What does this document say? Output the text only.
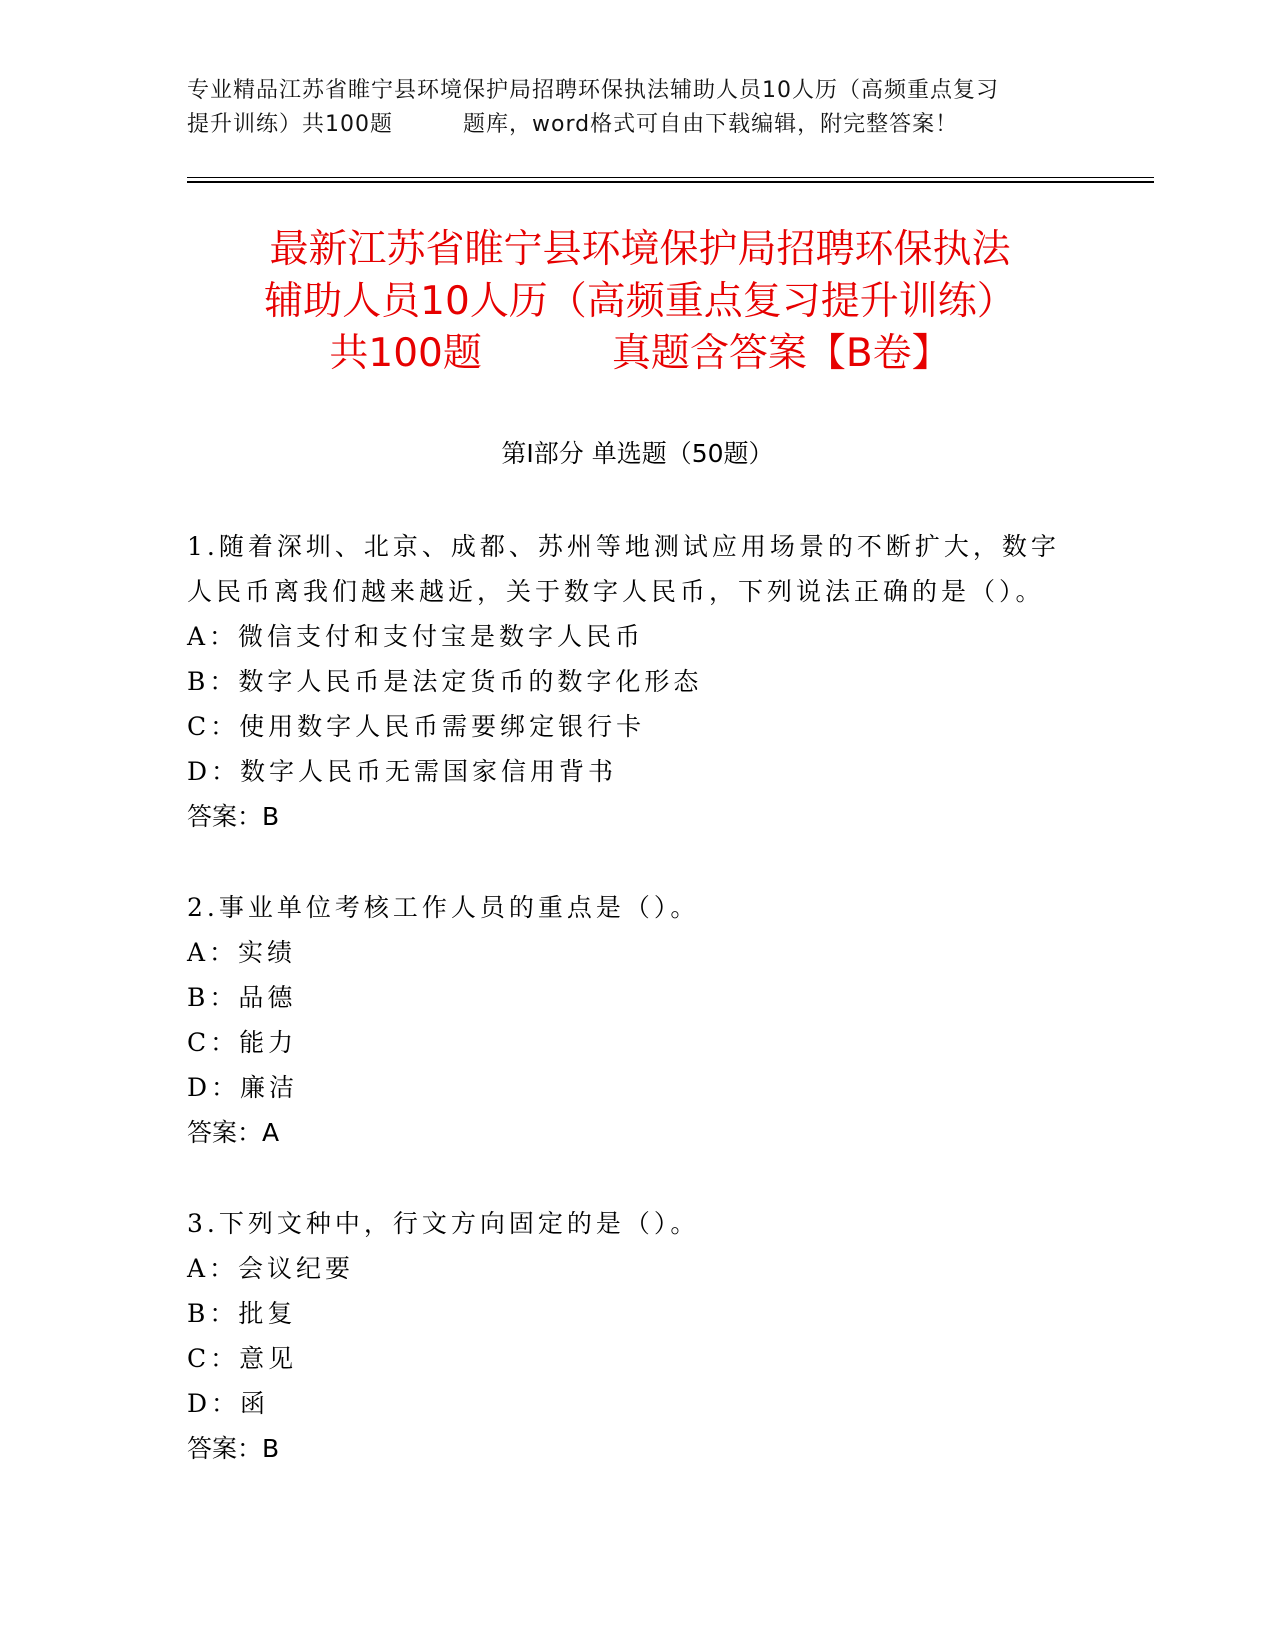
专业精品江苏省睢宁县环境保护局招聘环保执法辅助人员10人历（高频重点复习
提升训练）共100题	题库，word格式可自由下载编辑，附完整答案！
最新江苏省睢宁县环境保护局招聘环保执法
辅助人员10人历（高频重点复习提升训练）
共100题	真题含答案【B卷】
第I部分 单选题（50题）

1.随着深圳、北京、成都、苏州等地测试应用场景的不断扩大，数字

人民币离我们越来越近，关于数字人民币，下列说法正确的是（）。

A：微信支付和支付宝是数字人民币

B：数字人民币是法定货币的数字化形态

C：使用数字人民币需要绑定银行卡

D：数字人民币无需国家信用背书

答案：B

2.事业单位考核工作人员的重点是（）。

A：实绩

B：品德

C：能力

D：廉洁

答案：A

3.下列文种中，行文方向固定的是（）。

A：会议纪要

B：批复

C：意见

D：函

答案：B
